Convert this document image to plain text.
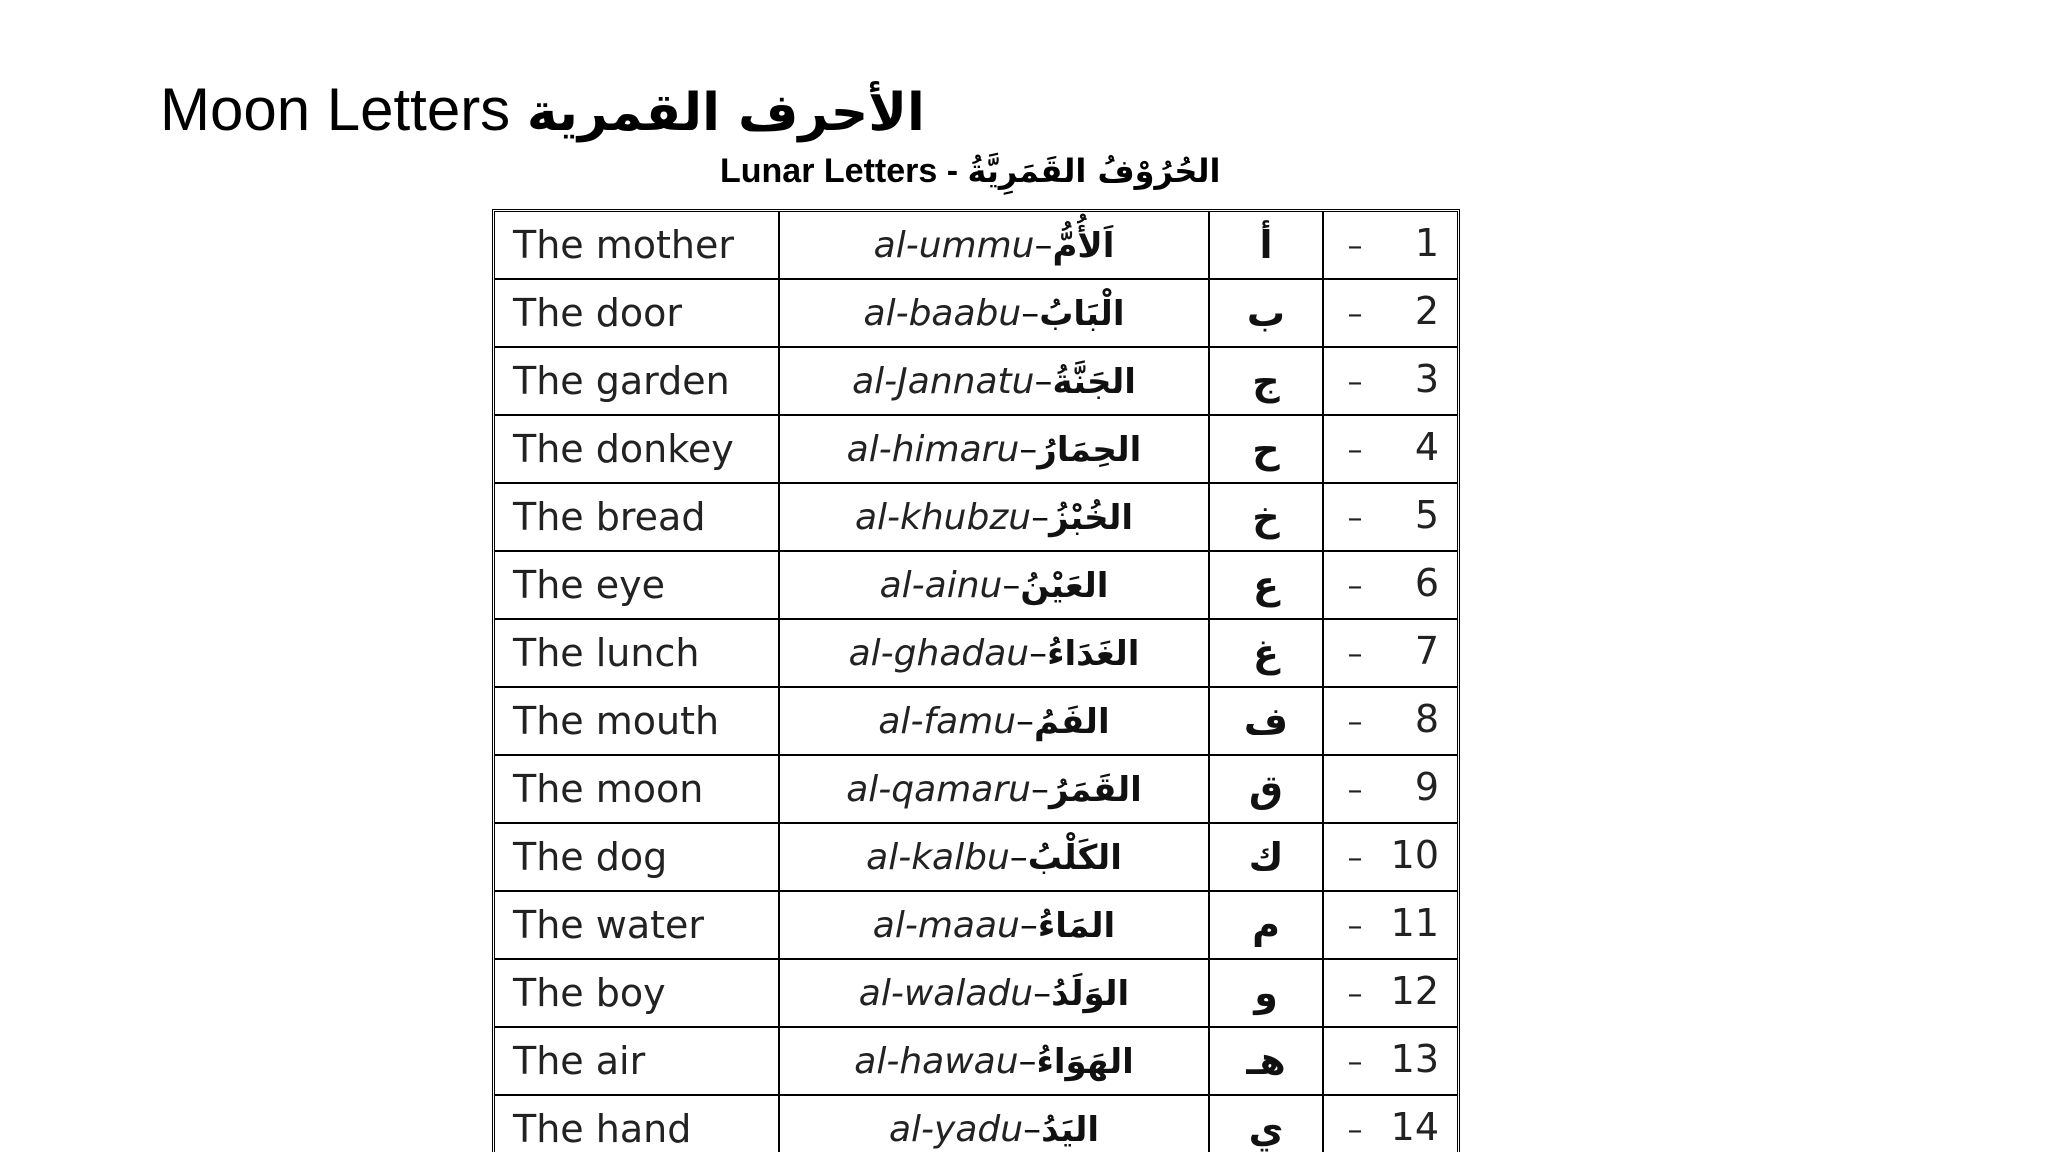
Moon Letters الأحرف القمرية
Lunar Letters - الحُرُوْفُ القَمَرِيَّةُ
The mother	al-ummu–اَلأُمُّ	أ	– 1
The door	al-baabu–الْبَابُ	ب	– 2
The garden	al-Jannatu–الجَنَّةُ	ج	– 3
The donkey	al-himaru–الحِمَارُ	ح	– 4
The bread	al-khubzu–الخُبْزُ	خ	– 5
The eye	al-ainu–العَيْنُ	ع	– 6
The lunch	al-ghadau–الغَدَاءُ	غ	– 7
The mouth	al-famu–الفَمُ	ف	– 8
The moon	al-qamaru–القَمَرُ	ق	– 9
The dog	al-kalbu–الكَلْبُ	ك	– 10
The water	al-maau–المَاءُ	م	– 11
The boy	al-waladu–الوَلَدُ	و	– 12
The air	al-hawau–الهَوَاءُ	هـ	– 13
The hand	al-yadu–اليَدُ	ي	– 14
